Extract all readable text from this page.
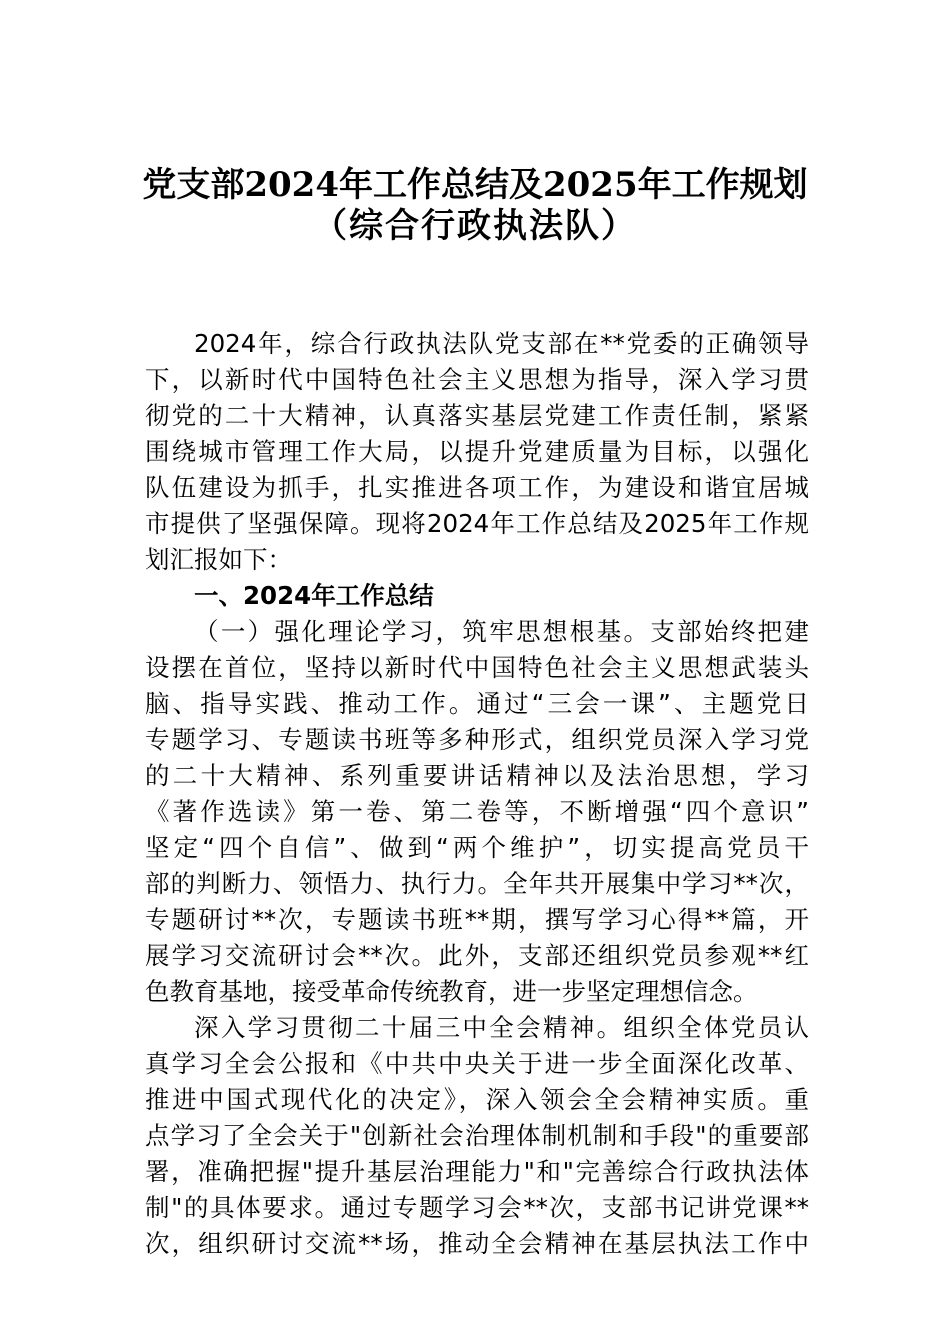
党支部2024年工作总结及2025年工作规划
（综合行政执法队）
2024年，综合行政执法队党支部在**党委的正确领导
下，以新时代中国特色社会主义思想为指导，深入学习贯
彻党的二十大精神，认真落实基层党建工作责任制，紧紧
围绕城市管理工作大局，以提升党建质量为目标，以强化
队伍建设为抓手，扎实推进各项工作，为建设和谐宜居城
市提供了坚强保障。现将2024年工作总结及2025年工作规
划汇报如下：
一、2024年工作总结
（一）强化理论学习，筑牢思想根基。支部始终把建
设摆在首位，坚持以新时代中国特色社会主义思想武装头
脑、指导实践、推动工作。通过“三会一课”、主题党日
专题学习、专题读书班等多种形式，组织党员深入学习党
的二十大精神、系列重要讲话精神以及法治思想，学习
《著作选读》第一卷、第二卷等，不断增强“四个意识”
坚定“四个自信”、做到“两个维护”，切实提高党员干
部的判断力、领悟力、执行力。全年共开展集中学习**次，
专题研讨**次，专题读书班**期，撰写学习心得**篇，开
展学习交流研讨会**次。此外，支部还组织党员参观**红
色教育基地，接受革命传统教育，进一步坚定理想信念。
深入学习贯彻二十届三中全会精神。组织全体党员认
真学习全会公报和《中共中央关于进一步全面深化改革、
推进中国式现代化的决定》，深入领会全会精神实质。重
点学习了全会关于"创新社会治理体制机制和手段"的重要部
署，准确把握"提升基层治理能力"和"完善综合行政执法体
制"的具体要求。通过专题学习会**次，支部书记讲党课**
次，组织研讨交流**场，推动全会精神在基层执法工作中
